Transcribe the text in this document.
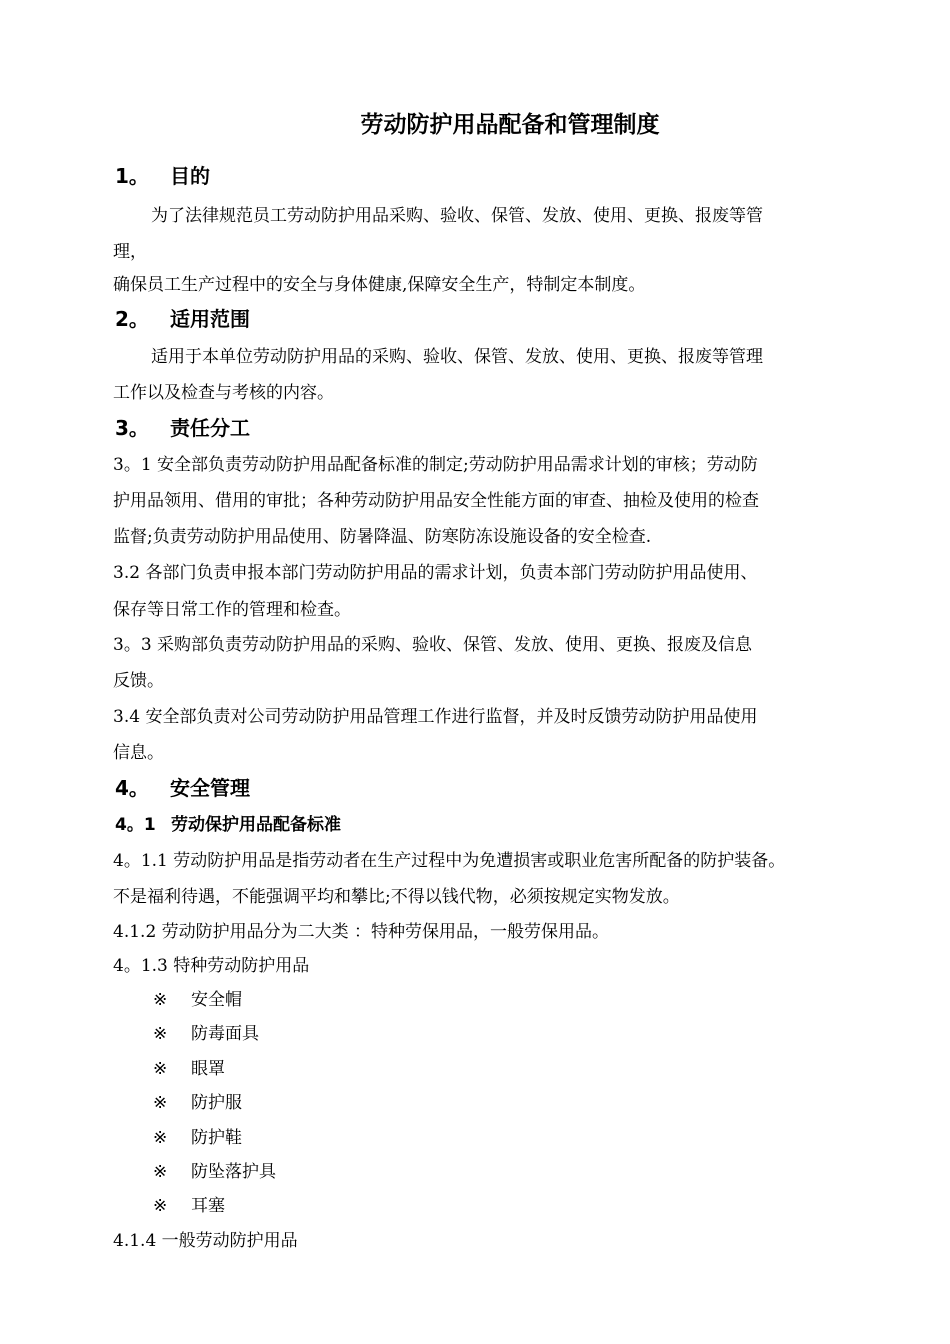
劳动防护用品配备和管理制度
1。 目的
为了法律规范员工劳动防护用品采购、验收、保管、发放、使用、更换、报废等管
理，
确保员工生产过程中的安全与身体健康,保障安全生产，特制定本制度。
2。 适用范围
适用于本单位劳动防护用品的采购、验收、保管、发放、使用、更换、报废等管理
工作以及检查与考核的内容。
3。 责任分工
3。1 安全部负责劳动防护用品配备标准的制定;劳动防护用品需求计划的审核；劳动防
护用品领用、借用的审批；各种劳动防护用品安全性能方面的审查、抽检及使用的检查
监督;负责劳动防护用品使用、防暑降温、防寒防冻设施设备的安全检查.
3.2 各部门负责申报本部门劳动防护用品的需求计划，负责本部门劳动防护用品使用、
保存等日常工作的管理和检查。
3。3 采购部负责劳动防护用品的采购、验收、保管、发放、使用、更换、报废及信息
反馈。
3.4 安全部负责对公司劳动防护用品管理工作进行监督，并及时反馈劳动防护用品使用
信息。
4。 安全管理
4。1 劳动保护用品配备标准
4。1.1 劳动防护用品是指劳动者在生产过程中为免遭损害或职业危害所配备的防护装备。
不是福利待遇，不能强调平均和攀比;不得以钱代物，必须按规定实物发放。
4.1.2 劳动防护用品分为二大类 ：特种劳保用品，一般劳保用品。
4。1.3 特种劳动防护用品
※ 安全帽
※ 防毒面具
※ 眼罩
※ 防护服
※ 防护鞋
※ 防坠落护具
※ 耳塞
4.1.4 一般劳动防护用品
